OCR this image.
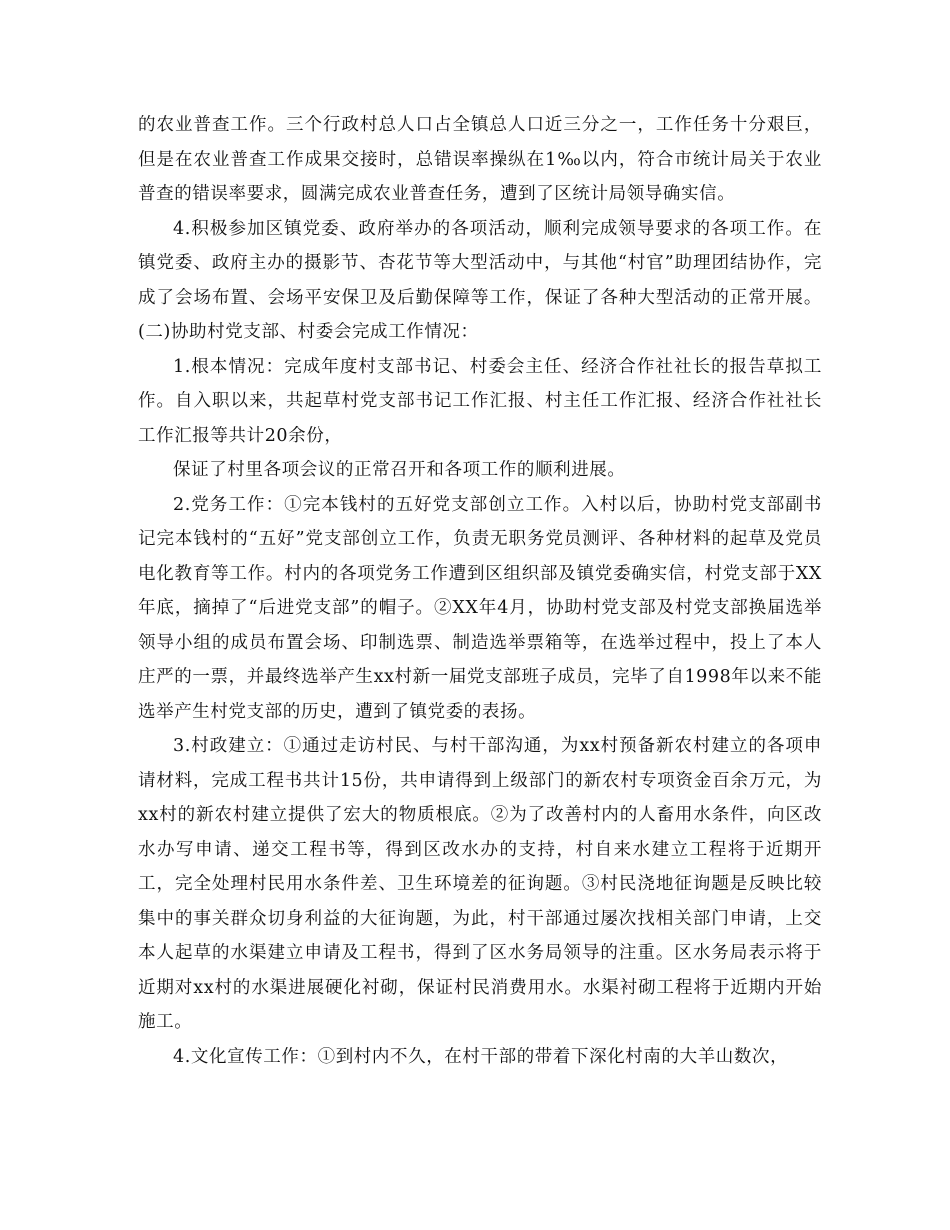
的农业普查工作。三个行政村总人口占全镇总人口近三分之一，工作任务十分艰巨，但是在农业普查工作成果交接时，总错误率操纵在1‰以内，符合市统计局关于农业普查的错误率要求，圆满完成农业普查任务，遭到了区统计局领导确实信。

4.积极参加区镇党委、政府举办的各项活动，顺利完成领导要求的各项工作。在镇党委、政府主办的摄影节、杏花节等大型活动中，与其他“村官”助理团结协作，完成了会场布置、会场平安保卫及后勤保障等工作，保证了各种大型活动的正常开展。(二)协助村党支部、村委会完成工作情况：

1.根本情况：完成年度村支部书记、村委会主任、经济合作社社长的报告草拟工作。自入职以来，共起草村党支部书记工作汇报、村主任工作汇报、经济合作社社长工作汇报等共计20余份，

保证了村里各项会议的正常召开和各项工作的顺利进展。

2.党务工作：①完本钱村的五好党支部创立工作。入村以后，协助村党支部副书记完本钱村的“五好”党支部创立工作，负责无职务党员测评、各种材料的起草及党员电化教育等工作。村内的各项党务工作遭到区组织部及镇党委确实信，村党支部于XX年底，摘掉了“后进党支部”的帽子。②XX年4月，协助村党支部及村党支部换届选举领导小组的成员布置会场、印制选票、制造选举票箱等，在选举过程中，投上了本人庄严的一票，并最终选举产生xx村新一届党支部班子成员，完毕了自1998年以来不能选举产生村党支部的历史，遭到了镇党委的表扬。

3.村政建立：①通过走访村民、与村干部沟通，为xx村预备新农村建立的各项申请材料，完成工程书共计15份，共申请得到上级部门的新农村专项资金百余万元，为xx村的新农村建立提供了宏大的物质根底。②为了改善村内的人畜用水条件，向区改水办写申请、递交工程书等，得到区改水办的支持，村自来水建立工程将于近期开工，完全处理村民用水条件差、卫生环境差的征询题。③村民浇地征询题是反映比较集中的事关群众切身利益的大征询题，为此，村干部通过屡次找相关部门申请，上交本人起草的水渠建立申请及工程书，得到了区水务局领导的注重。区水务局表示将于近期对xx村的水渠进展硬化衬砌，保证村民消费用水。水渠衬砌工程将于近期内开始施工。

4.文化宣传工作：①到村内不久，在村干部的带着下深化村南的大羊山数次，
